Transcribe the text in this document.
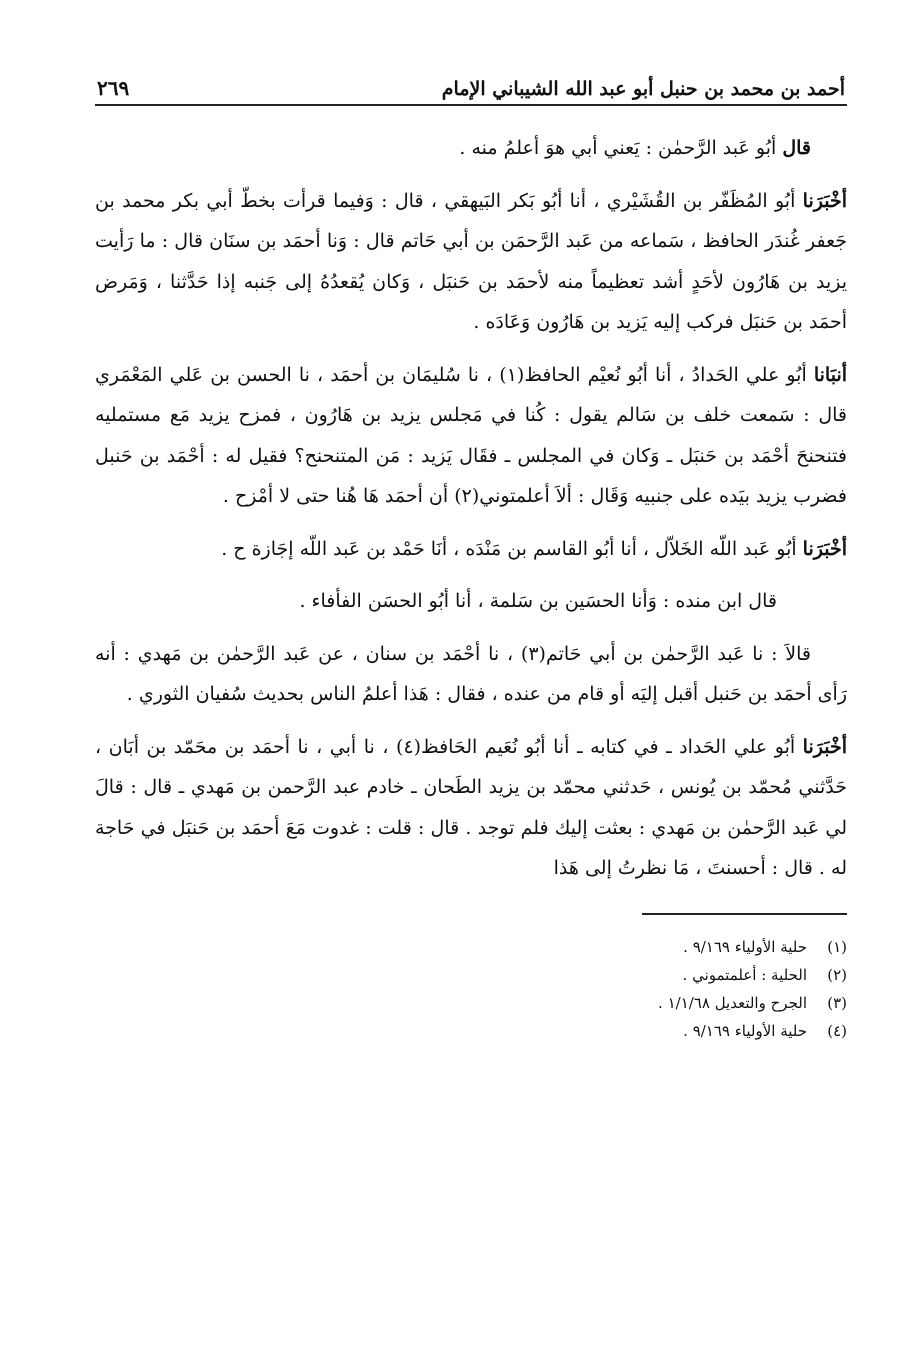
أحمد بن محمد بن حنبل أبو عبد الله الشيباني الإمام
٢٦٩

قال أبُو عَبد الرَّحمٰن : يَعني أبي هوَ أعلمُ منه .

أخْبَرَنا أبُو المُظَفّر بن القُشَيْري ، أنا أبُو بَكر البَيهقي ، قال : وَفيما قرأت بخطّ أبي بكر محمد بن جَعفر غُندَر الحافظ ، سَماعه من عَبد الرَّحمَن بن أبي حَاتم قال : وَنا أحمَد بن سنَان قال : ما رَأيت يزيد بن هَارُون لأحَدٍ أشد تعظيماً منه لأحمَد بن حَنبَل ، وَكان يُقعدُهُ إلى جَنبه إذا حَدَّثنا ، وَمَرض أحمَد بن حَنبَل فركب إليه يَزيد بن هَارُون وَعَادَه .

أنبَانا أبُو علي الحَدادُ ، أنا أبُو نُعيْم الحافظ(١) ، نا سُليمَان بن أحمَد ، نا الحسن بن عَلي المَعْمَري قال : سَمعت خلف بن سَالم يقول : كُنا في مَجلس يزيد بن هَارُون ، فمزح يزيد مَع مستمليه فتنحنحَ أحْمَد بن حَنبَل ـ وَكان في المجلس ـ فقَال يَزيد : مَن المتنحنح؟ فقيل له : أحْمَد بن حَنبل فضرب يزيد بيَده على جنبيه وَقَال : ألاَ أعلمتوني(٢) أن أحمَد هَا هُنا حتى لا أمْزح .

أخْبَرَنا أبُو عَبد اللّه الخَلاّل ، أنا أبُو القاسم بن مَنْدَه ، أنَا حَمْد بن عَبد اللّه إجَازة ح .

قال ابن منده : وَأنا الحسَين بن سَلمة ، أنا أبُو الحسَن الفأفاء .

قالاَ : نا عَبد الرَّحمٰن بن أبي حَاتم(٣) ، نا أحْمَد بن سنان ، عن عَبد الرَّحمٰن بن مَهدي : أنه رَأى أحمَد بن حَنبل أقبل إليَه أو قام من عنده ، فقال : هَذا أعلمُ الناس بحديث سُفيان الثوري .

أخْبَرَنا أبُو علي الحَداد ـ في كتابه ـ أنا أبُو نُعَيم الحَافظ(٤) ، نا أبي ، نا أحمَد بن محَمّد بن أبَان ، حَدَّثني مُحمّد بن يُونس ، حَدثني محمّد بن يزيد الطَحان ـ خادم عبد الرَّحمن بن مَهدي ـ قال : قالَ لي عَبد الرَّحمٰن بن مَهدي : بعثت إليك فلم توجد . قال : قلت : غدوت مَعَ أحمَد بن حَنبَل في حَاجة له . قال : أحسنتَ ، مَا نظرتُ إلى هَذا

(١)
حلية الأولياء ٩/١٦٩ .
(٢)
الحلية : أعلمتموني .
(٣)
الجرح والتعديل ١/١/٦٨ .
(٤)
حلية الأولياء ٩/١٦٩ .
